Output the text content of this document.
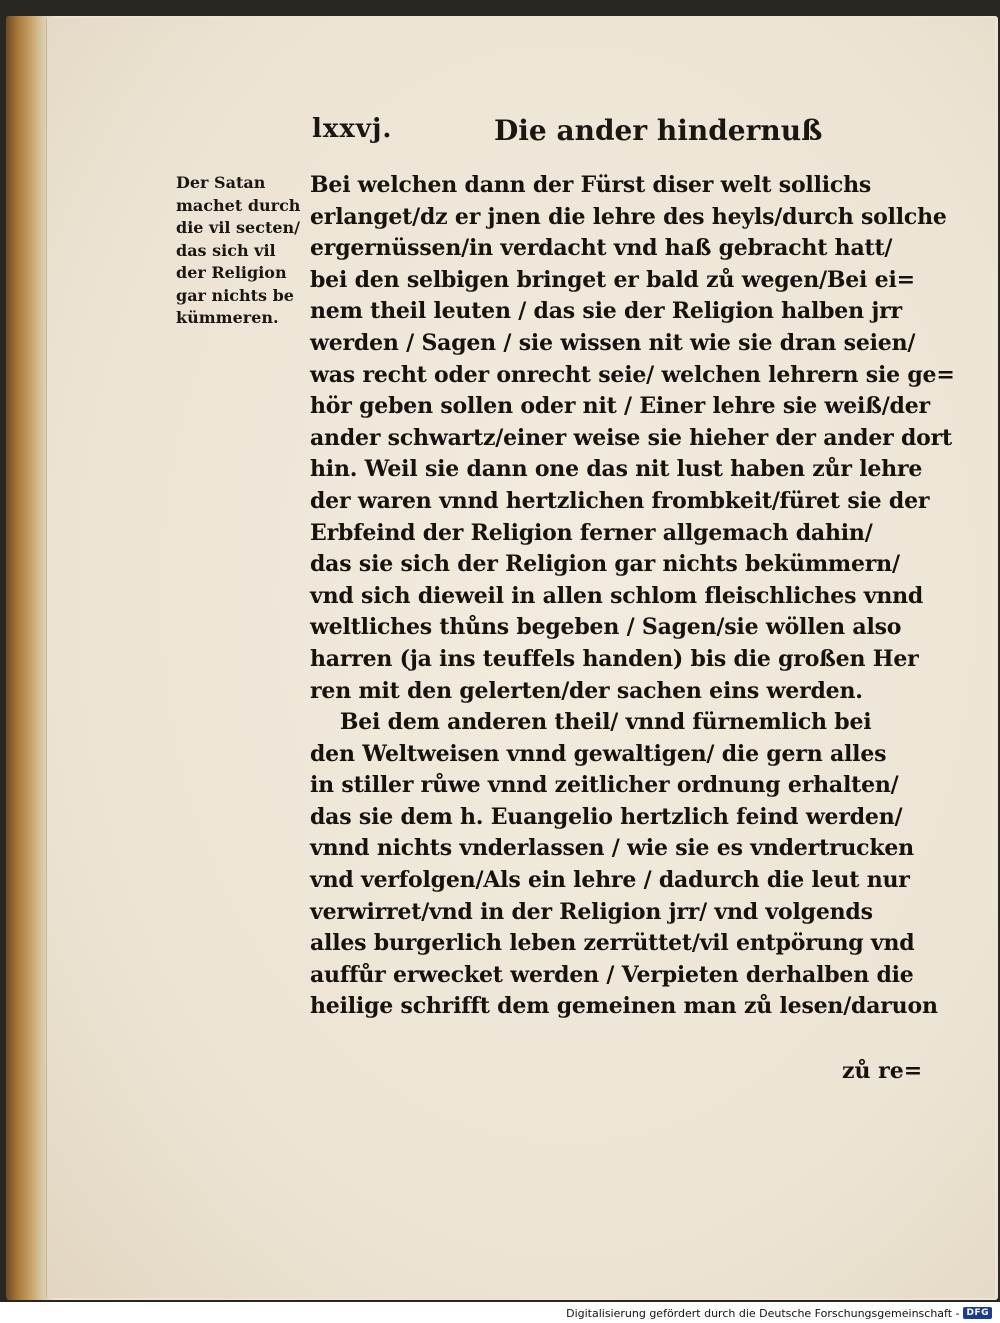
lxxvj.	Die ander hindernuß
Der Satan
machet durch
die vil secten/
das sich vil
der Religion
gar nichts be
kümmeren.
Bei welchen dann der Fürst diser welt sollichs
erlanget/dz er jnen die lehre des heyls/durch sollche
ergernüssen/in verdacht vnd haß gebracht hatt/
bei den selbigen bringet er bald zů wegen/Bei ei=
nem theil leuten / das sie der Religion halben jrr
werden / Sagen / sie wissen nit wie sie dran seien/
was recht oder onrecht seie/ welchen lehrern sie ge=
hör geben sollen oder nit / Einer lehre sie weiß/der
ander schwartz/einer weise sie hieher der ander dort
hin. Weil sie dann one das nit lust haben zůr lehre
der waren vnnd hertzlichen frombkeit/füret sie der
Erbfeind der Religion ferner allgemach dahin/
das sie sich der Religion gar nichts bekümmern/
vnd sich dieweil in allen schlom fleischliches vnnd
weltliches thůns begeben / Sagen/sie wöllen also
harren (ja ins teuffels handen) bis die großen Her
ren mit den gelerten/der sachen eins werden.
Bei dem anderen theil/ vnnd fürnemlich bei
den Weltweisen vnnd gewaltigen/ die gern alles
in stiller růwe vnnd zeitlicher ordnung erhalten/
das sie dem h. Euangelio hertzlich feind werden/
vnnd nichts vnderlassen / wie sie es vndertrucken
vnd verfolgen/Als ein lehre / dadurch die leut nur
verwirret/vnd in der Religion jrr/ vnd volgends
alles burgerlich leben zerrüttet/vil entpörung vnd
auffůr erwecket werden / Verpieten derhalben die
heilige schrifft dem gemeinen man zů lesen/daruon
zů re=
Digitalisierung gefördert durch die Deutsche Forschungsgemeinschaft - DFG
